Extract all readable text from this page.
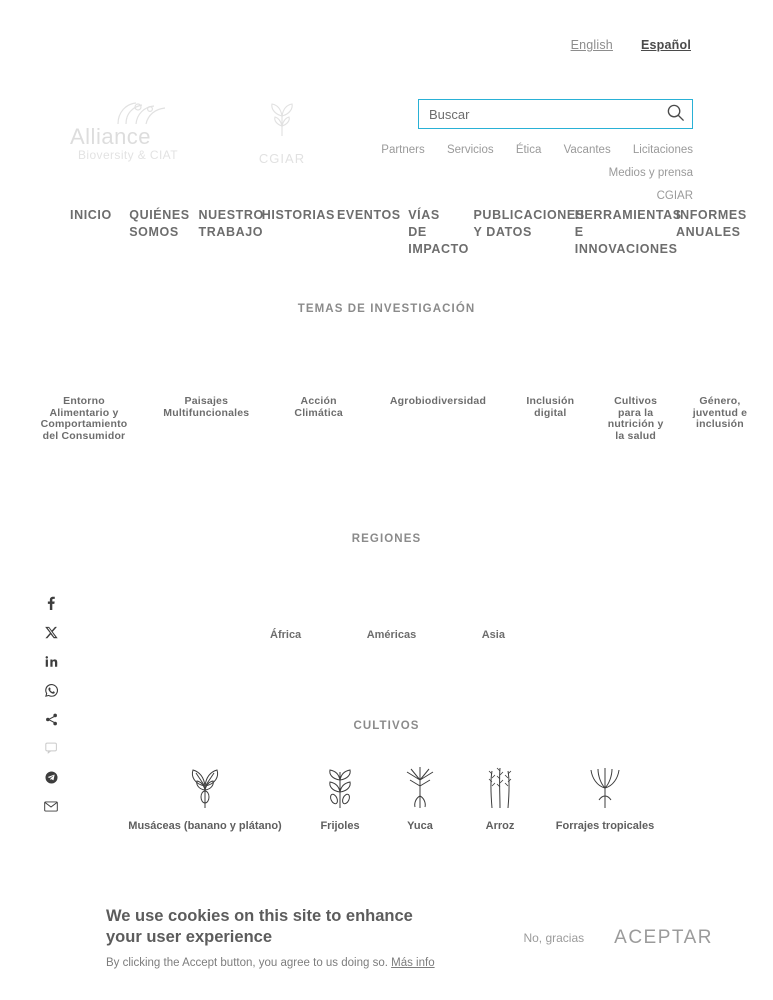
English Español
Alliance
Bioversity & CIAT	CGIAR
Buscar
Partners Servicios Ética Vacantes Licitaciones Medios y prensa
CGIAR
INICIO	QUIÉNES SOMOS
NUESTRO TRABAJO
HISTORIAS EVENTOS VÍAS DE IMPACTO
PUBLICACIONES Y DATOS
HERRAMIENTAS E INNOVACIONES
INFORMES ANUALES
TEMAS DE INVESTIGACIÓN
Entorno Alimentario y Comportamiento del Consumidor
Paisajes Multifuncionales
Acción Climática
Agrobiodiversidad	Inclusión digital
Cultivos para la nutrición y la salud
Género, juventud e inclusión
REGIONES
África	Américas	Asia
CULTIVOS
Musáceas (banano y plátano)	Frijoles	Yuca	Arroz	Forrajes tropicales
We use cookies on this site to enhance your user experience
By clicking the Accept button, you agree to us doing so. Más info
No, gracias ACEPTAR
